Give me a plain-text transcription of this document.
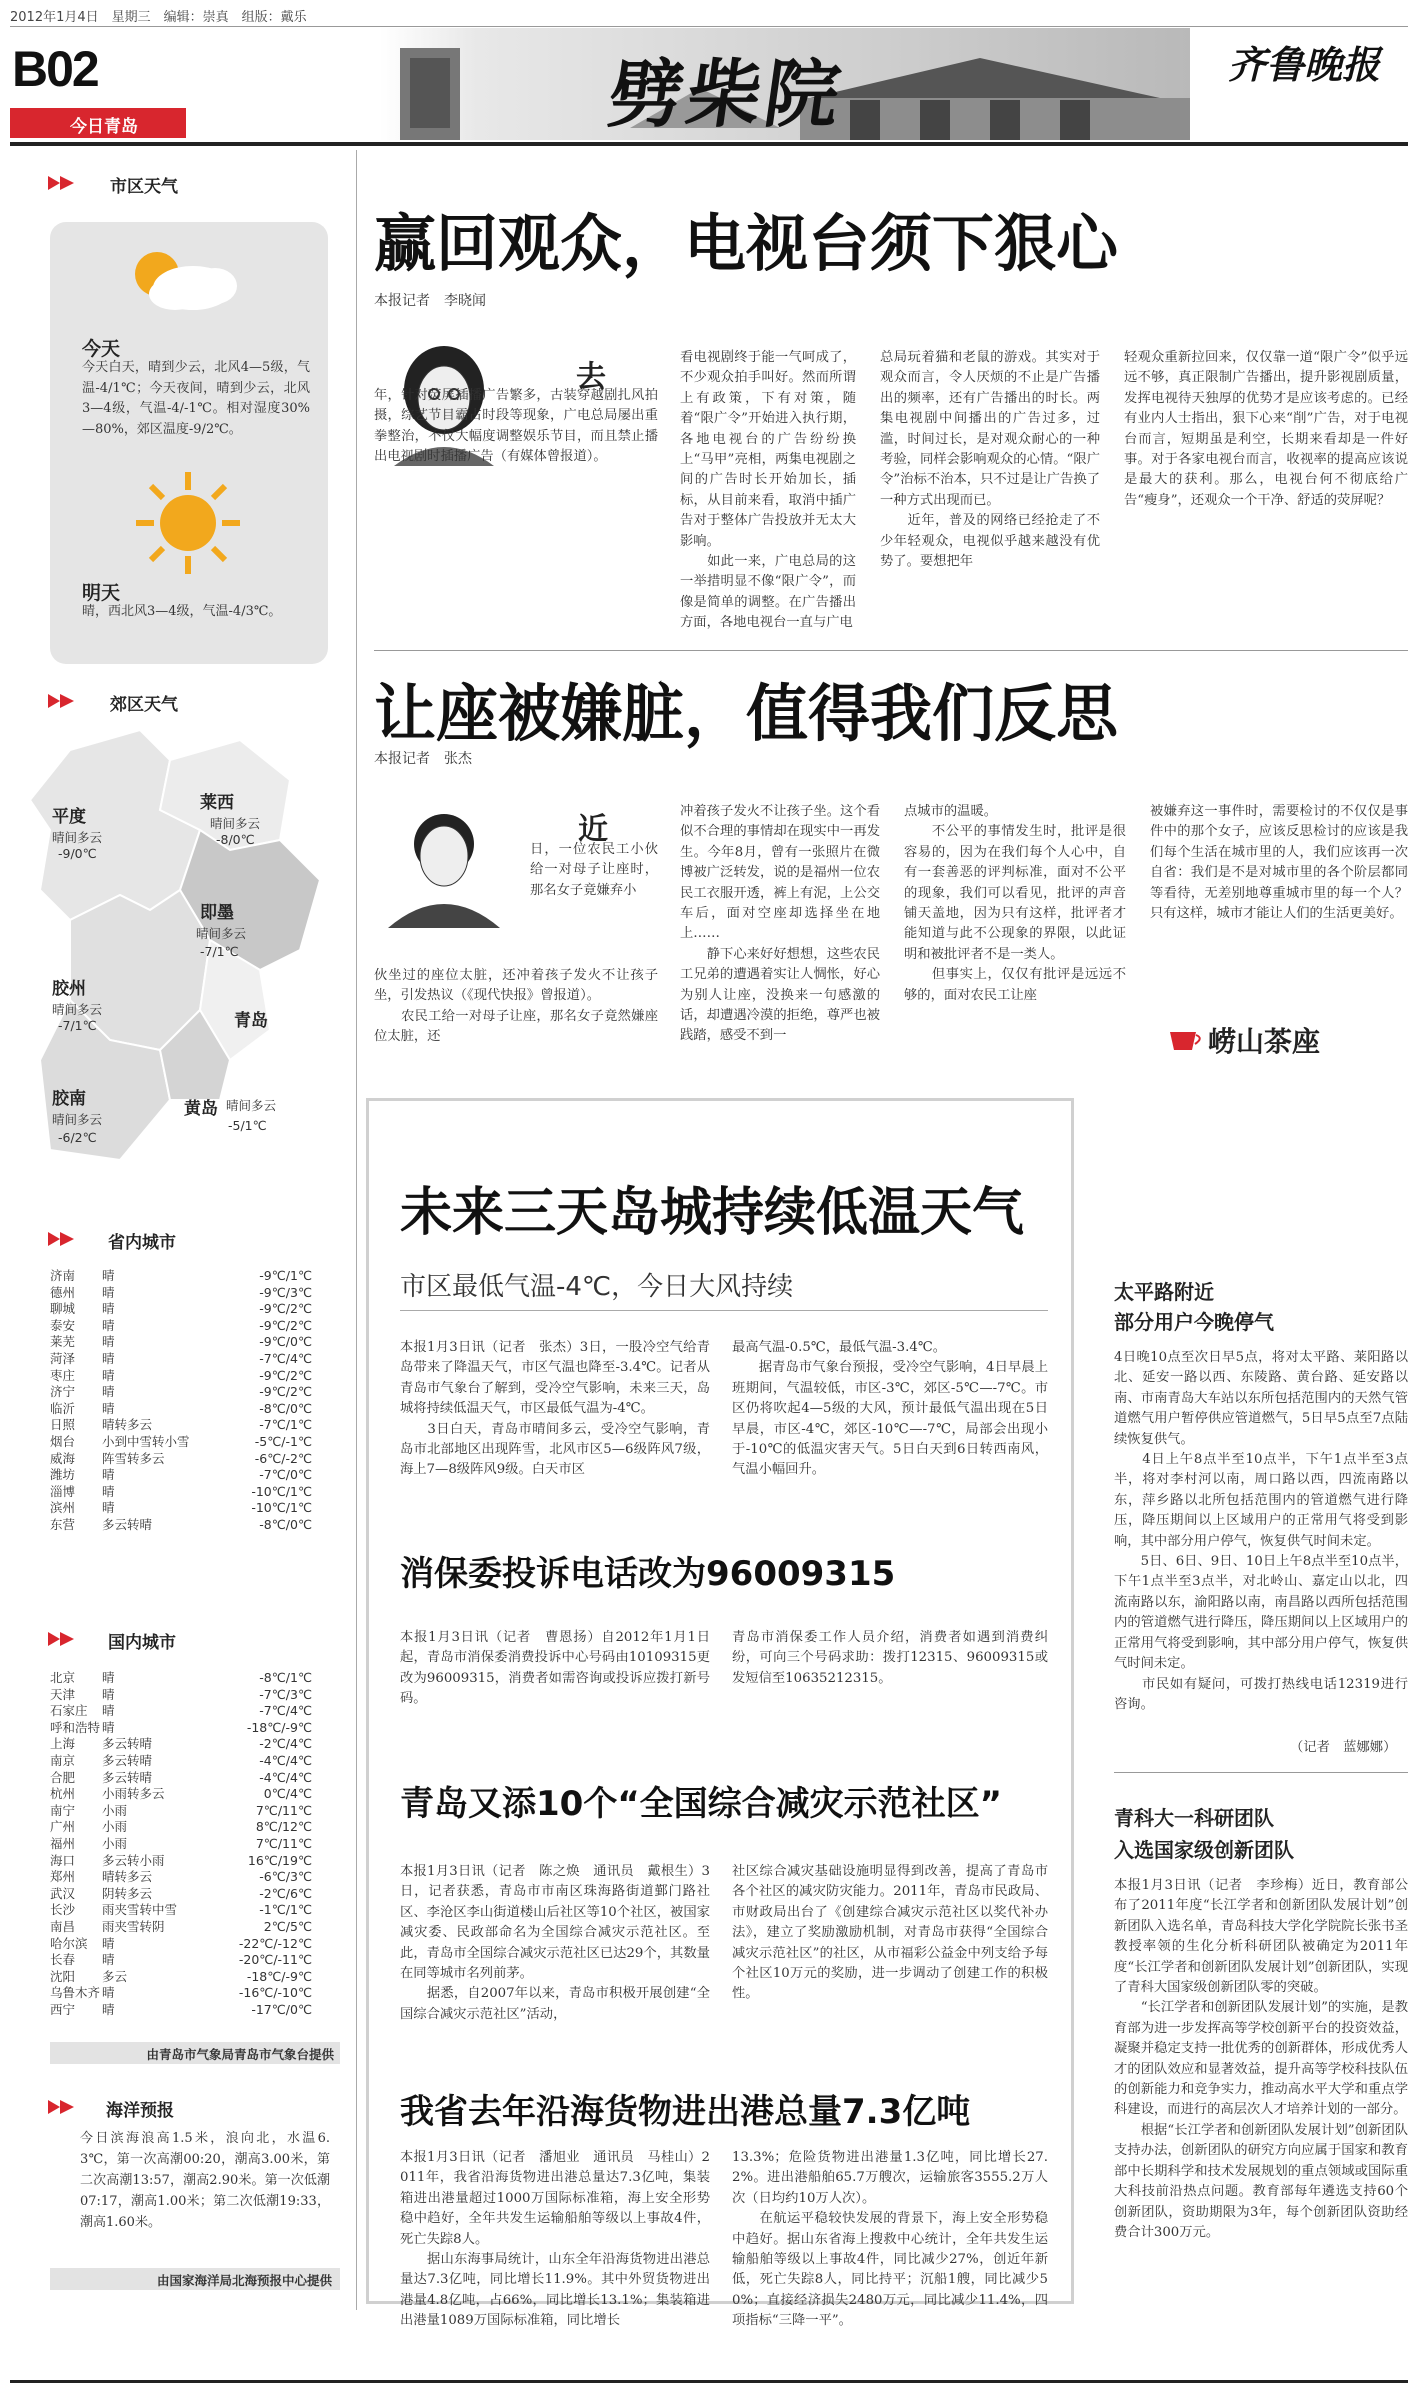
2012年1月4日　星期三　编辑：崇真　组版：戴乐
B02
今日青岛	劈柴院	齐鲁晚报
市区天气
今天
今天白天，晴到少云，北风4—5级，气温-4/1℃；今天夜间，晴到少云，北风3—4级，气温-4/-1℃。相对湿度30%—80%，郊区温度-9/2℃。
明天
晴，西北风3—4级，气温-4/3℃。
郊区天气
平度
晴间多云
-9/0℃
莱西
晴间多云
-8/0℃
即墨
晴间多云
-7/1℃
胶州
晴间多云
-7/1℃	青岛
胶南
晴间多云
-6/2℃
黄岛 晴间多云
-5/1℃
省内城市
济南	晴	-9℃/1℃
德州	晴	-9℃/3℃
聊城	晴	-9℃/2℃
泰安	晴	-9℃/2℃
莱芜	晴	-9℃/0℃
菏泽	晴	-7℃/4℃
枣庄	晴	-9℃/2℃
济宁	晴	-9℃/2℃
临沂	晴	-8℃/0℃
日照	晴转多云	-7℃/1℃
烟台	小到中雪转小雪	-5℃/-1℃
威海	阵雪转多云	-6℃/-2℃
潍坊	晴	-7℃/0℃
淄博	晴	-10℃/1℃
滨州	晴	-10℃/1℃
东营	多云转晴	-8℃/0℃
国内城市
北京	晴	-8℃/1℃
天津	晴	-7℃/3℃
石家庄	晴	-7℃/4℃
呼和浩特 晴	-18℃/-9℃
上海	多云转晴	-2℃/4℃
南京	多云转晴	-4℃/4℃
合肥	多云转晴	-4℃/4℃
杭州	小雨转多云	0℃/4℃
南宁	小雨	7℃/11℃
广州	小雨	8℃/12℃
福州	小雨	7℃/11℃
海口	多云转小雨	16℃/19℃
郑州	晴转多云	-6℃/3℃
武汉	阴转多云	-2℃/6℃
长沙	雨夹雪转中雪	-1℃/1℃
南昌	雨夹雪转阴	2℃/5℃
哈尔滨	晴	-22℃/-12℃
长春	晴	-20℃/-11℃
沈阳	多云	-18℃/-9℃
乌鲁木齐 晴	-16℃/-10℃
西宁	晴	-17℃/0℃
由青岛市气象局青岛市气象台提供
海洋预报
今日滨海浪高1.5米，浪向北，水温6.3℃，第一次高潮00:20，潮高3.00米，第二次高潮13:57，潮高2.90米。第一次低潮07:17，潮高1.00米；第二次低潮19:33，潮高1.60米。
由国家海洋局北海预报中心提供
赢回观众，电视台须下狠心
本报记者　李晓闻
去
年，针对荧屏插播广告繁多，古装穿越剧扎风拍摄，综艺节目霸占时段等现象，广电总局屡出重拳整治，不仅大幅度调整娱乐节目，而且禁止播出电视剧时插播广告（有媒体曾报道）。
看电视剧终于能一气呵成了，不少观众拍手叫好。然而所谓上有政策，下有对策，随着“限广令”开始进入执行期，各地电视台的广告纷纷换上“马甲”亮相，两集电视剧之间的广告时长开始加长，插标，从目前来看，取消中插广告对于整体广告投放并无太大影响。
　　如此一来，广电总局的这一举措明显不像“限广令”，而像是简单的调整。在广告播出方面，各地电视台一直与广电
总局玩着猫和老鼠的游戏。其实对于观众而言，令人厌烦的不止是广告播出的频率，还有广告播出的时长。两集电视剧中间播出的广告过多，过滥，时间过长，是对观众耐心的一种考验，同样会影响观众的心情。“限广令”治标不治本，只不过是让广告换了一种方式出现而已。
　　近年，普及的网络已经抢走了不少年轻观众，电视似乎越来越没有优势了。要想把年
轻观众重新拉回来，仅仅靠一道“限广令”似乎远远不够，真正限制广告播出，提升影视剧质量，发挥电视待天独厚的优势才是应该考虑的。已经有业内人士指出，狠下心来“削”广告，对于电视台而言，短期虽是利空，长期来看却是一件好事。对于各家电视台而言，收视率的提高应该说是最大的获利。那么，电视台何不彻底给广告“瘦身”，还观众一个干净、舒适的荧屏呢？
让座被嫌脏，值得我们反思
本报记者　张杰
近
日，一位农民工小伙给一对母子让座时，那名女子竟嫌弃小
伙坐过的座位太脏，还冲着孩子发火不让孩子坐，引发热议（《现代快报》曾报道）。
　　农民工给一对母子让座，那名女子竟然嫌座位太脏，还
冲着孩子发火不让孩子坐。这个看似不合理的事情却在现实中一再发生。今年8月，曾有一张照片在微博被广泛转发，说的是福州一位农民工衣服开透，裤上有泥，上公交车后，面对空座却选择坐在地上……
　　静下心来好好想想，这些农民工兄弟的遭遇着实让人惆怅，好心为别人让座，没换来一句感激的话，却遭遇冷漠的拒绝，尊严也被践踏，感受不到一
点城市的温暖。
　　不公平的事情发生时，批评是很容易的，因为在我们每个人心中，自有一套善恶的评判标准，面对不公平的现象，我们可以看见，批评的声音铺天盖地，因为只有这样，批评者才能知道与此不公现象的界限，以此证明和被批评者不是一类人。
　　但事实上，仅仅有批评是远远不够的，面对农民工让座
被嫌弃这一事件时，需要检讨的不仅仅是事件中的那个女子，应该反思检讨的应该是我们每个生活在城市里的人，我们应该再一次自省：我们是不是对城市里的各个阶层都同等看待，无差别地尊重城市里的每一个人？只有这样，城市才能让人们的生活更美好。
崂山茶座
未来三天岛城持续低温天气
市区最低气温-4℃，今日大风持续
本报1月3日讯（记者　张杰）3日，一股冷空气给青岛带来了降温天气，市区气温也降至-3.4℃。记者从青岛市气象台了解到，受冷空气影响，未来三天，岛城将持续低温天气，市区最低气温为-4℃。
　　3日白天，青岛市晴间多云，受冷空气影响，青岛市北部地区出现阵雪，北风市区5—6级阵风7级，海上7—8级阵风9级。白天市区
最高气温-0.5℃，最低气温-3.4℃。
　　据青岛市气象台预报，受冷空气影响，4日早晨上班期间，气温较低，市区-3℃，郊区-5℃—-7℃。市区仍将吹起4—5级的大风，预计最低气温出现在5日早晨，市区-4℃，郊区-10℃—-7℃，局部会出现小于-10℃的低温灾害天气。5日白天到6日转西南风，气温小幅回升。
消保委投诉电话改为96009315
本报1月3日讯（记者　曹恩扬）自2012年1月1日起，青岛市消保委消费投诉中心号码由10109315更改为96009315，消费者如需咨询或投诉应拨打新号码。
青岛市消保委工作人员介绍，消费者如遇到消费纠纷，可向三个号码求助：拨打12315、96009315或发短信至10635212315。
青岛又添10个“全国综合减灾示范社区”
本报1月3日讯（记者　陈之焕　通讯员　戴根生）3日，记者获悉，青岛市市南区珠海路街道鄞门路社区、李沧区李山街道楼山后社区等10个社区，被国家减灾委、民政部命名为全国综合减灾示范社区。至此，青岛市全国综合减灾示范社区已达29个，其数量在同等城市名列前茅。
　　据悉，自2007年以来，青岛市积极开展创建“全国综合减灾示范社区”活动，
社区综合减灾基础设施明显得到改善，提高了青岛市各个社区的减灾防灾能力。2011年，青岛市民政局、市财政局出台了《创建综合减灾示范社区以奖代补办法》，建立了奖励激励机制，对青岛市获得“全国综合减灾示范社区”的社区，从市福彩公益金中列支给予每个社区10万元的奖励，进一步调动了创建工作的积极性。
我省去年沿海货物进出港总量7.3亿吨
本报1月3日讯（记者　潘旭业　通讯员　马桂山）2011年，我省沿海货物进出港总量达7.3亿吨，集装箱进出港量超过1000万国际标准箱，海上安全形势稳中趋好，全年共发生运输船舶等级以上事故4件，死亡失踪8人。
　　据山东海事局统计，山东全年沿海货物进出港总量达7.3亿吨，同比增长11.9%。其中外贸货物进出港量4.8亿吨，占66%，同比增长13.1%；集装箱进出港量1089万国际标准箱，同比增长
13.3%；危险货物进出港量1.3亿吨，同比增长27.2%。进出港船舶65.7万艘次，运输旅客3555.2万人次（日均约10万人次）。
　　在航运平稳较快发展的背景下，海上安全形势稳中趋好。据山东省海上搜救中心统计，全年共发生运输船舶等级以上事故4件，同比减少27%，创近年新低，死亡失踪8人，同比持平；沉船1艘，同比减少50%；直接经济损失2480万元，同比减少11.4%，四项指标“三降一平”。
太平路附近
部分用户今晚停气
4日晚10点至次日早5点，将对太平路、莱阳路以北、延安一路以西、东陵路、黄台路、延安路以南、市南青岛大车站以东所包括范围内的天然气管道燃气用户暂停供应管道燃气，5日早5点至7点陆续恢复供气。
　　4日上午8点半至10点半，下午1点半至3点半，将对李村河以南，周口路以西，四流南路以东，萍乡路以北所包括范围内的管道燃气进行降压，降压期间以上区域用户的正常用气将受到影响，其中部分用户停气，恢复供气时间未定。
　　5日、6日、9日、10日上午8点半至10点半，下午1点半至3点半，对北岭山、嘉定山以北，四流南路以东，渝阳路以南，南昌路以西所包括范围内的管道燃气进行降压，降压期间以上区域用户的正常用气将受到影响，其中部分用户停气，恢复供气时间未定。
　　市民如有疑问，可拨打热线电话12319进行咨询。
（记者　蓝娜娜）
青科大一科研团队
入选国家级创新团队
本报1月3日讯（记者　李珍梅）近日，教育部公布了2011年度“长江学者和创新团队发展计划”创新团队入选名单，青岛科技大学化学院院长张书圣教授率领的生化分析科研团队被确定为2011年度“长江学者和创新团队发展计划”创新团队，实现了青科大国家级创新团队零的突破。
　　“长江学者和创新团队发展计划”的实施，是教育部为进一步发挥高等学校创新平台的投资效益，凝聚并稳定支持一批优秀的创新群体，形成优秀人才的团队效应和显著效益，提升高等学校科技队伍的创新能力和竞争实力，推动高水平大学和重点学科建设，而进行的高层次人才培养计划的一部分。
　　根据“长江学者和创新团队发展计划”创新团队支持办法，创新团队的研究方向应属于国家和教育部中长期科学和技术发展规划的重点领域或国际重大科技前沿热点问题。教育部每年遴选支持60个创新团队，资助期限为3年，每个创新团队资助经费合计300万元。
